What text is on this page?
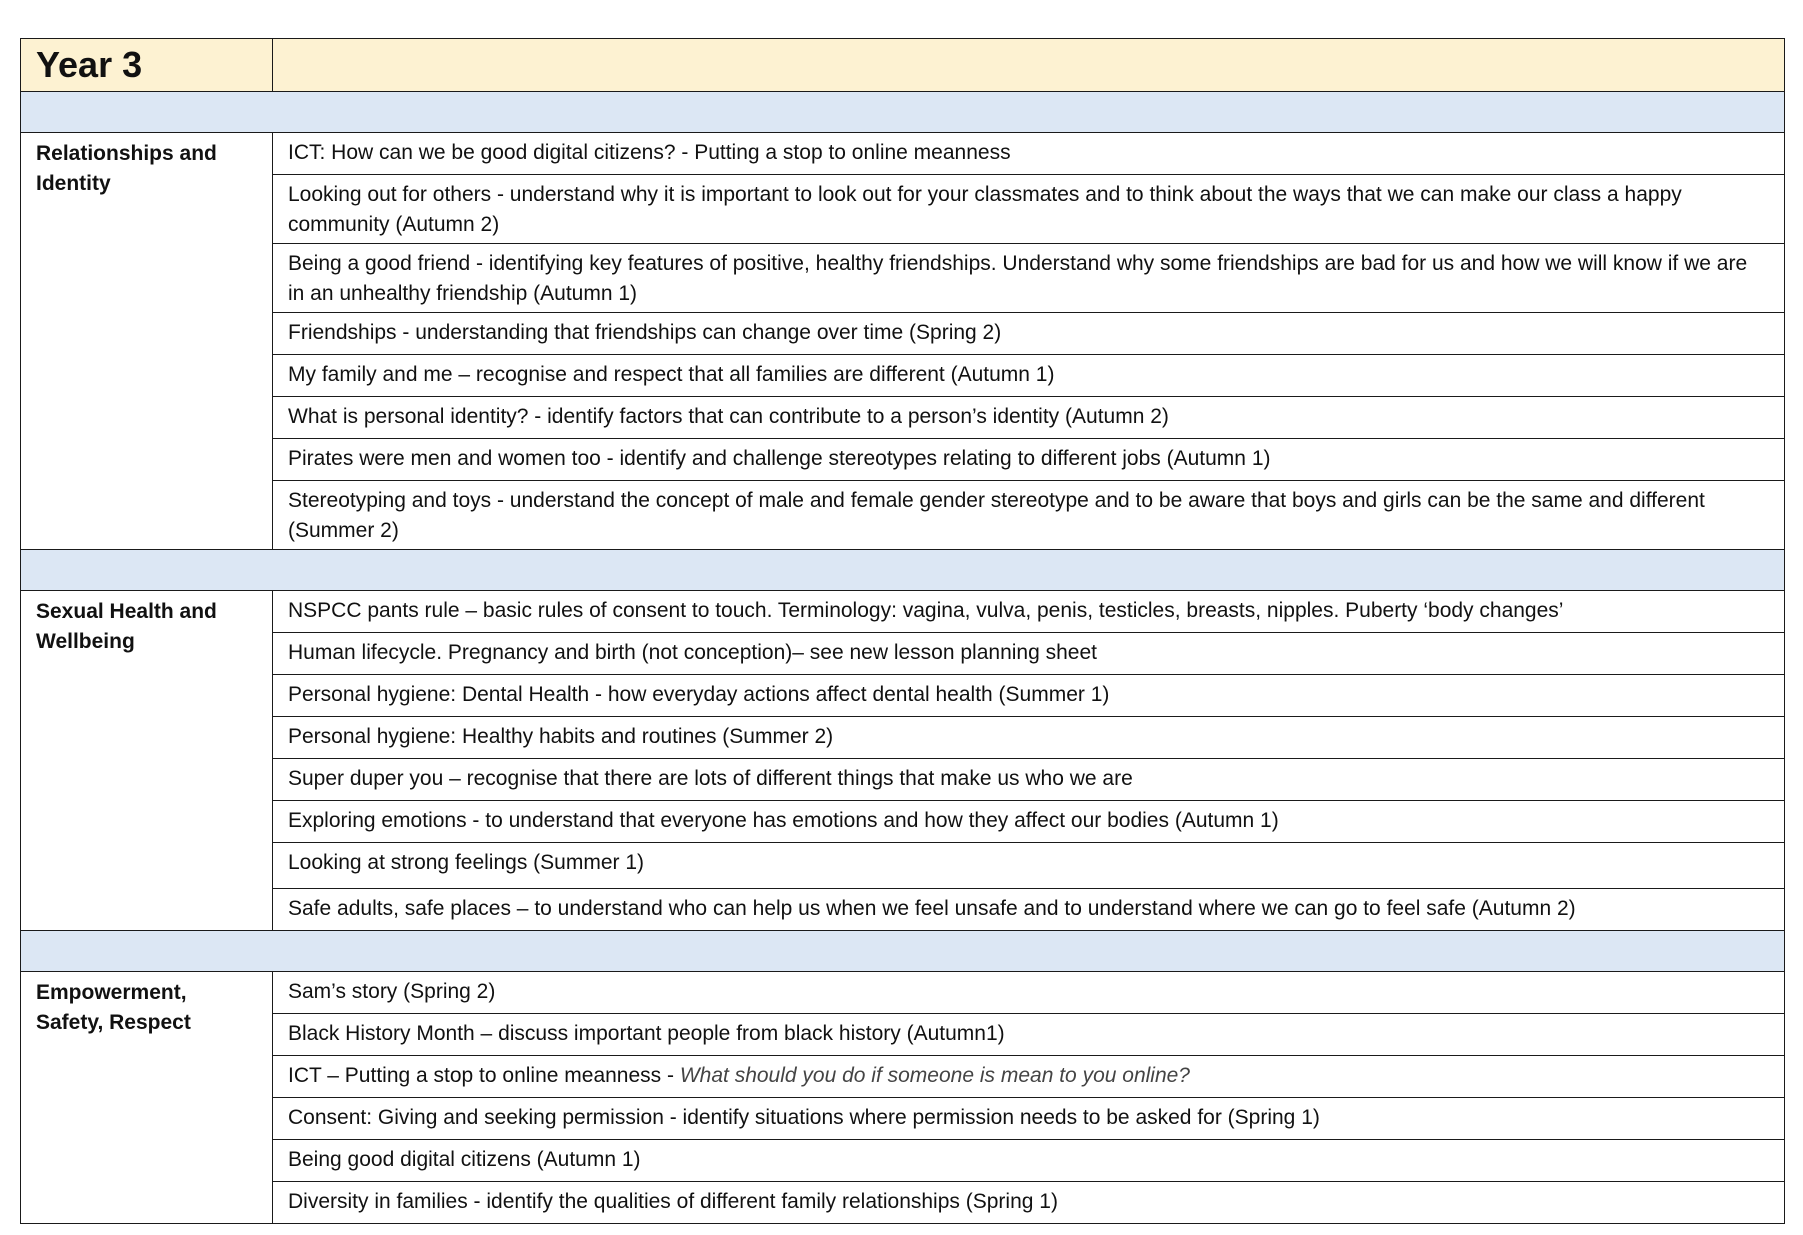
Year 3	

Relationships and Identity	ICT: How can we be good digital citizens? - Putting a stop to online meanness
	Looking out for others - understand why it is important to look out for your classmates and to think about the ways that we can make our class a happy community (Autumn 2)
	Being a good friend - identifying key features of positive, healthy friendships. Understand why some friendships are bad for us and how we will know if we are in an unhealthy friendship (Autumn 1)
	Friendships - understanding that friendships can change over time (Spring 2)
	My family and me – recognise and respect that all families are different (Autumn 1)
	What is personal identity? - identify factors that can contribute to a person’s identity (Autumn 2)
	Pirates were men and women too - identify and challenge stereotypes relating to different jobs (Autumn 1)
	Stereotyping and toys - understand the concept of male and female gender stereotype and to be aware that boys and girls can be the same and different (Summer 2)

Sexual Health and Wellbeing	NSPCC pants rule – basic rules of consent to touch. Terminology: vagina, vulva, penis, testicles, breasts, nipples. Puberty ‘body changes’
	Human lifecycle. Pregnancy and birth (not conception)– see new lesson planning sheet
	Personal hygiene: Dental Health - how everyday actions affect dental health (Summer 1)
	Personal hygiene: Healthy habits and routines (Summer 2)
	Super duper you – recognise that there are lots of different things that make us who we are
	Exploring emotions - to understand that everyone has emotions and how they affect our bodies (Autumn 1)
	Looking at strong feelings (Summer 1)
	Safe adults, safe places – to understand who can help us when we feel unsafe and to understand where we can go to feel safe (Autumn 2)

Empowerment, Safety, Respect	Sam’s story (Spring 2)
	Black History Month – discuss important people from black history (Autumn1)
	ICT – Putting a stop to online meanness - What should you do if someone is mean to you online?
	Consent: Giving and seeking permission - identify situations where permission needs to be asked for (Spring 1)
	Being good digital citizens (Autumn 1)
	Diversity in families - identify the qualities of different family relationships (Spring 1)
